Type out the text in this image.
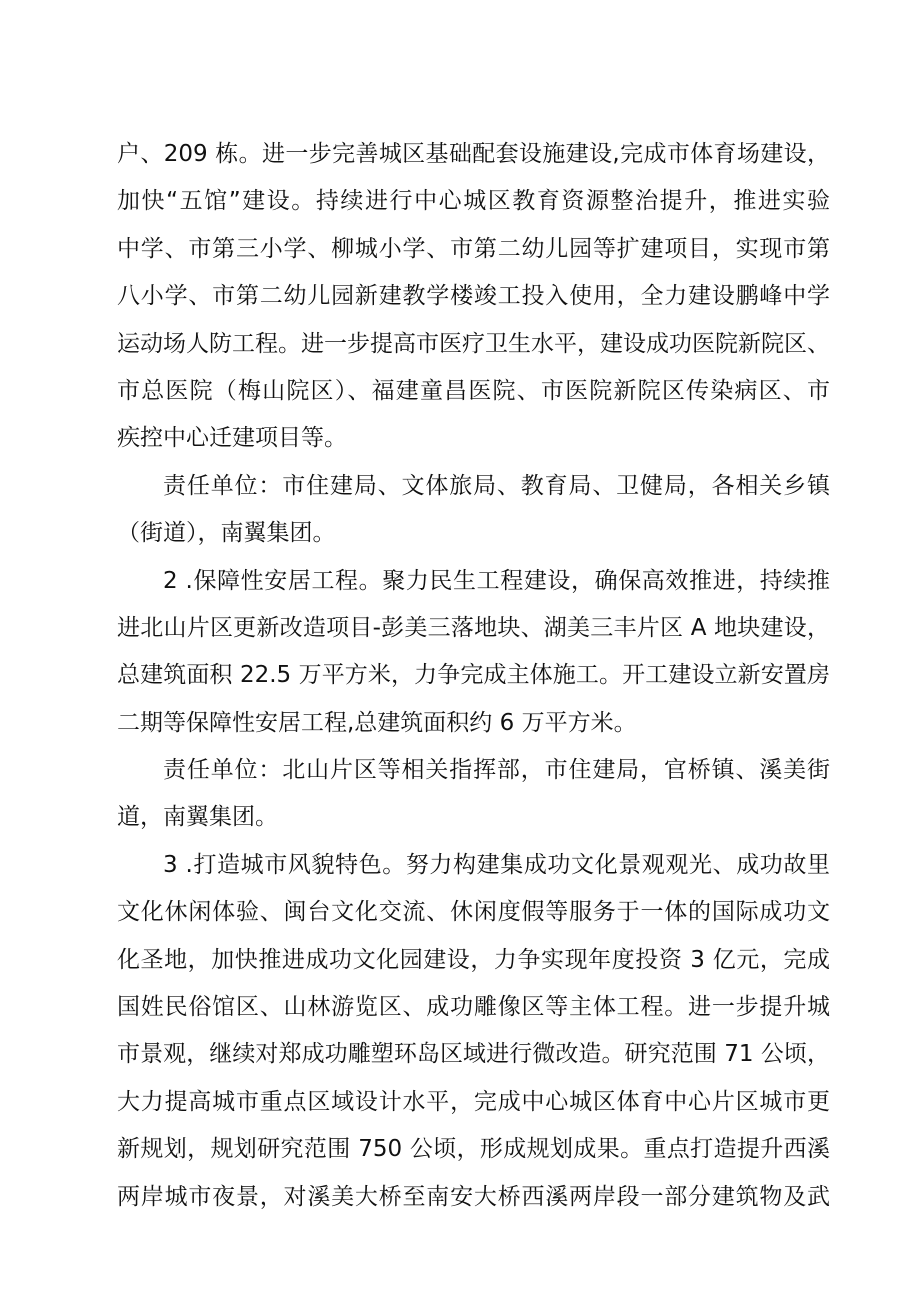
户、209 栋。进一步完善城区基础配套设施建设,完成市体育场建设，
加快“五馆”建设。持续进行中心城区教育资源整治提升，推进实验
中学、市第三小学、柳城小学、市第二幼儿园等扩建项目，实现市第
八小学、市第二幼儿园新建教学楼竣工投入使用，全力建设鹏峰中学
运动场人防工程。进一步提高市医疗卫生水平，建设成功医院新院区、
市总医院（梅山院区）、福建童昌医院、市医院新院区传染病区、市
疾控中心迁建项目等。
责任单位：市住建局、文体旅局、教育局、卫健局，各相关乡镇
（街道），南翼集团。
2 .保障性安居工程。聚力民生工程建设，确保高效推进，持续推
进北山片区更新改造项目-彭美三落地块、湖美三丰片区 A 地块建设，
总建筑面积 22.5 万平方米，力争完成主体施工。开工建设立新安置房
二期等保障性安居工程,总建筑面积约 6 万平方米。
责任单位：北山片区等相关指挥部，市住建局，官桥镇、溪美街
道，南翼集团。
3 .打造城市风貌特色。努力构建集成功文化景观观光、成功故里
文化休闲体验、闽台文化交流、休闲度假等服务于一体的国际成功文
化圣地，加快推进成功文化园建设，力争实现年度投资 3 亿元，完成
国姓民俗馆区、山林游览区、成功雕像区等主体工程。进一步提升城
市景观，继续对郑成功雕塑环岛区域进行微改造。研究范围 71 公顷，
大力提高城市重点区域设计水平，完成中心城区体育中心片区城市更
新规划，规划研究范围 750 公顷，形成规划成果。重点打造提升西溪
两岸城市夜景，对溪美大桥至南安大桥西溪两岸段一部分建筑物及武
